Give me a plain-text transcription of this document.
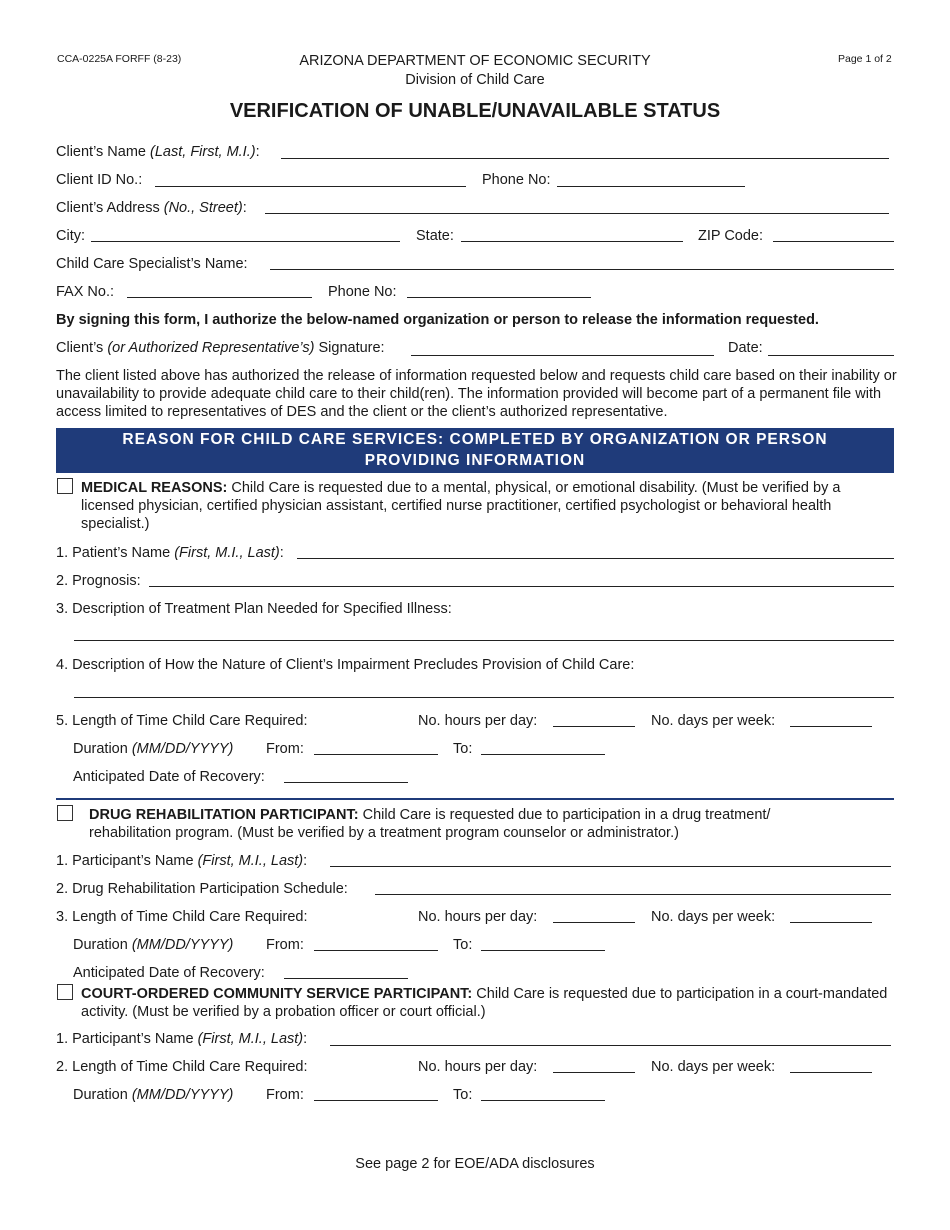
CCA-0225A FORFF (8-23)	ARIZONA DEPARTMENT OF ECONOMIC SECURITY
Division of Child Care
Page 1 of 2
VERIFICATION OF UNABLE/UNAVAILABLE STATUS
Client’s Name (Last, First, M.I.):
Client ID No.:	Phone No:
Client’s Address (No., Street):
City:	State:	ZIP Code:
Child Care Specialist’s Name:
FAX No.:	Phone No:
By signing this form, I authorize the below-named organization or person to release the information requested.
Client’s (or Authorized Representative’s) Signature:	Date:
The client listed above has authorized the release of information requested below and requests child care based on their inability or unavailability to provide adequate child care to their child(ren). The information provided will become part of a permanent file with access limited to representatives of DES and the client or the client’s authorized representative.
REASON FOR CHILD CARE SERVICES: COMPLETED BY ORGANIZATION OR PERSON
PROVIDING INFORMATION
MEDICAL REASONS: Child Care is requested due to a mental, physical, or emotional disability. (Must be verified by a licensed physician, certified physician assistant, certified nurse practitioner, certified psychologist or behavioral health specialist.)
1. Patient’s Name (First, M.I., Last):
2. Prognosis:
3. Description of Treatment Plan Needed for Specified Illness:
4. Description of How the Nature of Client’s Impairment Precludes Provision of Child Care:
5. Length of Time Child Care Required:	No. hours per day:	No. days per week:
Duration (MM/DD/YYYY) From:	To:
Anticipated Date of Recovery:
DRUG REHABILITATION PARTICIPANT: Child Care is requested due to participation in a drug treatment/ rehabilitation program. (Must be verified by a treatment program counselor or administrator.)
1. Participant’s Name (First, M.I., Last):
2. Drug Rehabilitation Participation Schedule:
3. Length of Time Child Care Required:	No. hours per day:	No. days per week:
Duration (MM/DD/YYYY) From:	To:
Anticipated Date of Recovery:
COURT-ORDERED COMMUNITY SERVICE PARTICIPANT: Child Care is requested due to participation in a court-mandated activity. (Must be verified by a probation officer or court official.)
1. Participant’s Name (First, M.I., Last):
2. Length of Time Child Care Required:	No. hours per day:	No. days per week:
Duration (MM/DD/YYYY) From:	To:
See page 2 for EOE/ADA disclosures
